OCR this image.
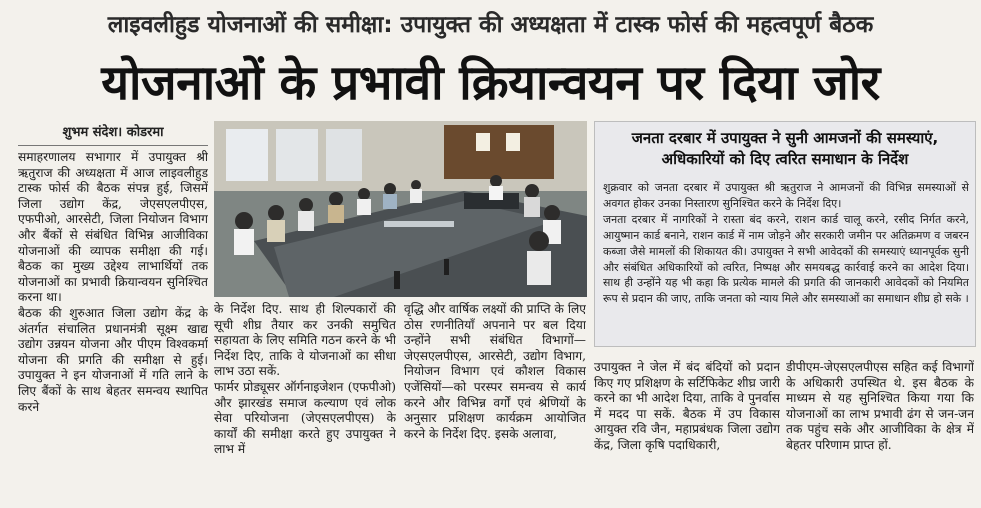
लाइवलीहुड योजनाओं की समीक्षा: उपायुक्त की अध्यक्षता में टास्क फोर्स की महत्वपूर्ण बैठक
योजनाओं के प्रभावी क्रियान्वयन पर दिया जोर
शुभम संदेश। कोडरमा

समाहरणालय सभागार में उपायुक्त श्री ऋतुराज की अध्यक्षता में आज लाइवलीहुड टास्क फोर्स की बैठक संपन्न हुई, जिसमें जिला उद्योग केंद्र, जेएसएलपीएस, एफपीओ, आरसेटी, जिला नियोजन विभाग और बैंकों से संबंधित विभिन्न आजीविका योजनाओं की व्यापक समीक्षा की गई। बैठक का मुख्य उद्देश्य लाभार्थियों तक योजनाओं का प्रभावी क्रियान्वयन सुनिश्चित करना था।

बैठक की शुरुआत जिला उद्योग केंद्र के अंतर्गत संचालित प्रधानमंत्री सूक्ष्म खाद्य उद्योग उन्नयन योजना और पीएम विश्वकर्मा योजना की प्रगति की समीक्षा से हुई। उपायुक्त ने इन योजनाओं में गति लाने के लिए बैंकों के साथ बेहतर समन्वय स्थापित करने

के निर्देश दिए. साथ ही शिल्पकारों की सूची शीघ्र तैयार कर उनकी समुचित सहायता के लिए समिति गठन करने के भी निर्देश दिए, ताकि वे योजनाओं का सीधा लाभ उठा सकें.

फार्मर प्रोड्यूसर ऑर्गनाइजेशन (एफपीओ) और झारखंड समाज कल्याण एवं लोक सेवा परियोजना (जेएसएलपीएस) के कार्यों की समीक्षा करते हुए उपायुक्त ने लाभ में

वृद्धि और वार्षिक लक्ष्यों की प्राप्ति के लिए ठोस रणनीतियाँ अपनाने पर बल दिया उन्होंने सभी संबंधित विभागों—जेएसएलपीएस, आरसेटी, उद्योग विभाग, नियोजन विभाग एवं कौशल विकास एजेंसियों—को परस्पर समन्वय से कार्य करने और विभिन्न वर्गों एवं श्रेणियों के अनुसार प्रशिक्षण कार्यक्रम आयोजित करने के निर्देश दिए. इसके अलावा,

जनता दरबार में उपायुक्त ने सुनी आमजनों की समस्याएं, अधिकारियों को दिए त्वरित समाधान के निर्देश

शुक्रवार को जनता दरबार में उपायुक्त श्री ऋतुराज ने आमजनों की विभिन्न समस्याओं से अवगत होकर उनका निस्तारण सुनिश्चित करने के निर्देश दिए।

जनता दरबार में नागरिकों ने रास्ता बंद करने, राशन कार्ड चालू करने, रसीद निर्गत करने, आयुष्मान कार्ड बनाने, राशन कार्ड में नाम जोड़ने और सरकारी जमीन पर अतिक्रमण व जबरन कब्जा जैसे मामलों की शिकायत की। उपायुक्त ने सभी आवेदकों की समस्याएं ध्यानपूर्वक सुनी और संबंधित अधिकारियों को त्वरित, निष्पक्ष और समयबद्ध कार्रवाई करने का आदेश दिया। साथ ही उन्होंने यह भी कहा कि प्रत्येक मामले की प्रगति की जानकारी आवेदकों को नियमित रूप से प्रदान की जाए, ताकि जनता को न्याय मिले और समस्याओं का समाधान शीघ्र हो सके ।

उपायुक्त ने जेल में बंद बंदियों को प्रदान किए गए प्रशिक्षण के सर्टिफिकेट शीघ्र जारी करने का भी आदेश दिया, ताकि वे पुनर्वास में मदद पा सकें. बैठक में उप विकास आयुक्त रवि जैन, महाप्रबंधक जिला उद्योग केंद्र, जिला कृषि पदाधिकारी,

डीपीएम-जेएसएलपीएस सहित कई विभागों के अधिकारी उपस्थित थे. इस बैठक के माध्यम से यह सुनिश्चित किया गया कि योजनाओं का लाभ प्रभावी ढंग से जन-जन तक पहुंच सके और आजीविका के क्षेत्र में बेहतर परिणाम प्राप्त हों.
